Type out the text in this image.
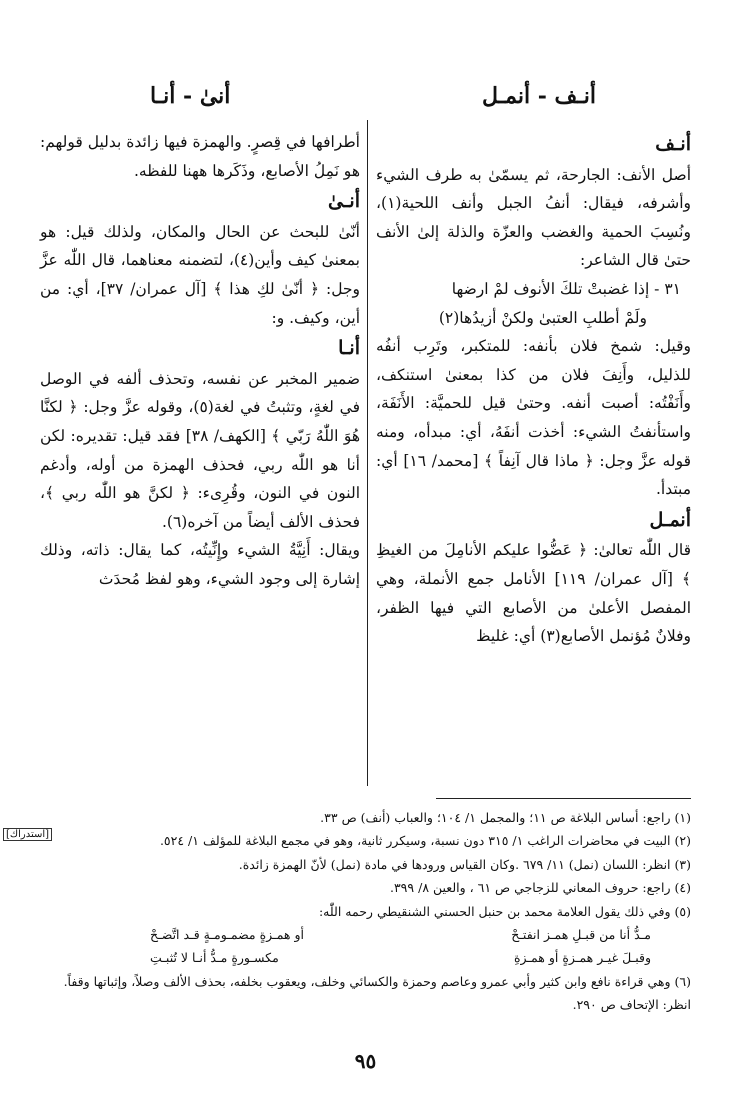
أنـف - أنمـل
أنىٰ - أنـا
أنـف

أصل الأنف: الجارحة، ثم يسمّىٰ به طرف الشيء وأشرفه، فيقال: أنفُ الجبل وأنف اللحية(١)، ونُسِبَ الحمية والغضب والعزّة والذلة إلىٰ الأنف حتىٰ قال الشاعر:

٣١ - إذا غضبتْ تلكَ الأنوف لمْ ارضها
ولَمْ أطلبِ العتبىٰ ولكنْ أزيدُها(٢)

وقيل: شمخ فلان بأنفه: للمتكبر، وتَرِب أنفُه للذليل، وأَنِفَ فلان من كذا بمعنىٰ استنكف، وأَنَفْتُه: أصبت أنفه. وحتىٰ قيل للحميَّة: الأَنَفَة، واستأنفتُ الشيء: أخذت أنفَهُ، أي: مبدأه، ومنه قوله عزَّ وجل: ﴿ ماذا قال آنِفاً ﴾ [محمد/ ١٦] أي: مبتدأ.

أنمـل

قال اللّٰه تعالىٰ: ﴿ عَضُّوا عليكم الأنامِلَ من الغيظِ ﴾ [آل عمران/ ١١٩] الأنامل جمع الأنملة، وهي المفصل الأعلىٰ من الأصابع التي فيها الظفر، وفلانٌ مُؤنمل الأصابع(٣) أي: غليظ

أطرافها في قِصرٍ. والهمزة فيها زائدة بدليل قولهم: هو نَمِلُ الأصابع، وذَكَرها ههنا للفظه.

أنـىٰ

أنّىٰ للبحث عن الحال والمكان، ولذلك قيل: هو بمعنىٰ كيف وأين(٤)، لتضمنه معناهما، قال اللّٰه عزَّ وجل: ﴿ أنّىٰ لكِ هذا ﴾ [آل عمران/ ٣٧]، أي: من أين، وكيف. و:

أنـا

ضمير المخبر عن نفسه، وتحذف ألفه في الوصل في لغةٍ، وتثبتُ في لغة(٥)، وقوله عزَّ وجل: ﴿ لكنَّا هُوَ اللّٰهُ رَبّي ﴾ [الكهف/ ٣٨] فقد قيل: تقديره: لكن أنا هو اللّٰه ربي، فحذف الهمزة من أوله، وأدغم النون في النون، وقُرِىء: ﴿ لكنَّ هو اللّٰه ربي ﴾، فحذف الألف أيضاً من آخره(٦).

ويقال: أَنِيَّةُ الشيء وإِنِّيتُه، كما يقال: ذاته، وذلك إشارة إلى وجود الشيء، وهو لفظ مُحدَث

(١) راجع: أساس البلاغة ص ١١؛ والمجمل ١/ ١٠٤؛ والعباب (أنف) ص ٣٣.

(٢) البيت في محاضرات الراغب ١/ ٣١٥ دون نسبة، وسيكرر ثانية، وهو في مجمع البلاغة للمؤلف ١/ ٥٢٤.

(٣) انظر: اللسان (نمل) ١١/ ٦٧٩ .وكان القياس ورودها في مادة (نمل) لأنّ الهمزة زائدة.

(٤) راجع: حروف المعاني للزجاجي ص ٦١ ، والعين ٨/ ٣٩٩.

(٥) وفي ذلك يقول العلامة محمد بن حنبل الحسني الشنقيطي رحمه اللّٰه:

مـدُّ أنا من قبـلِ همـز انفتـحْ
أو همـزةٍ مضمـومـةٍ قـد اتَّضـحْ
وقبـلَ غيـر همـزةٍ أو همـزةِ
مكسـورةٍ مـدُّ أنـا لا تُثبـتِ

(٦) وهي قراءة نافع وابن كثير وأبي عمرو وعاصم وحمزة والكسائي وخلف، ويعقوب بخلفه، بحذف الألف وصلاً، وإثباتها وقفاً. انظر: الإتحاف ص ٢٩٠.

[استدراك]
٩٥
